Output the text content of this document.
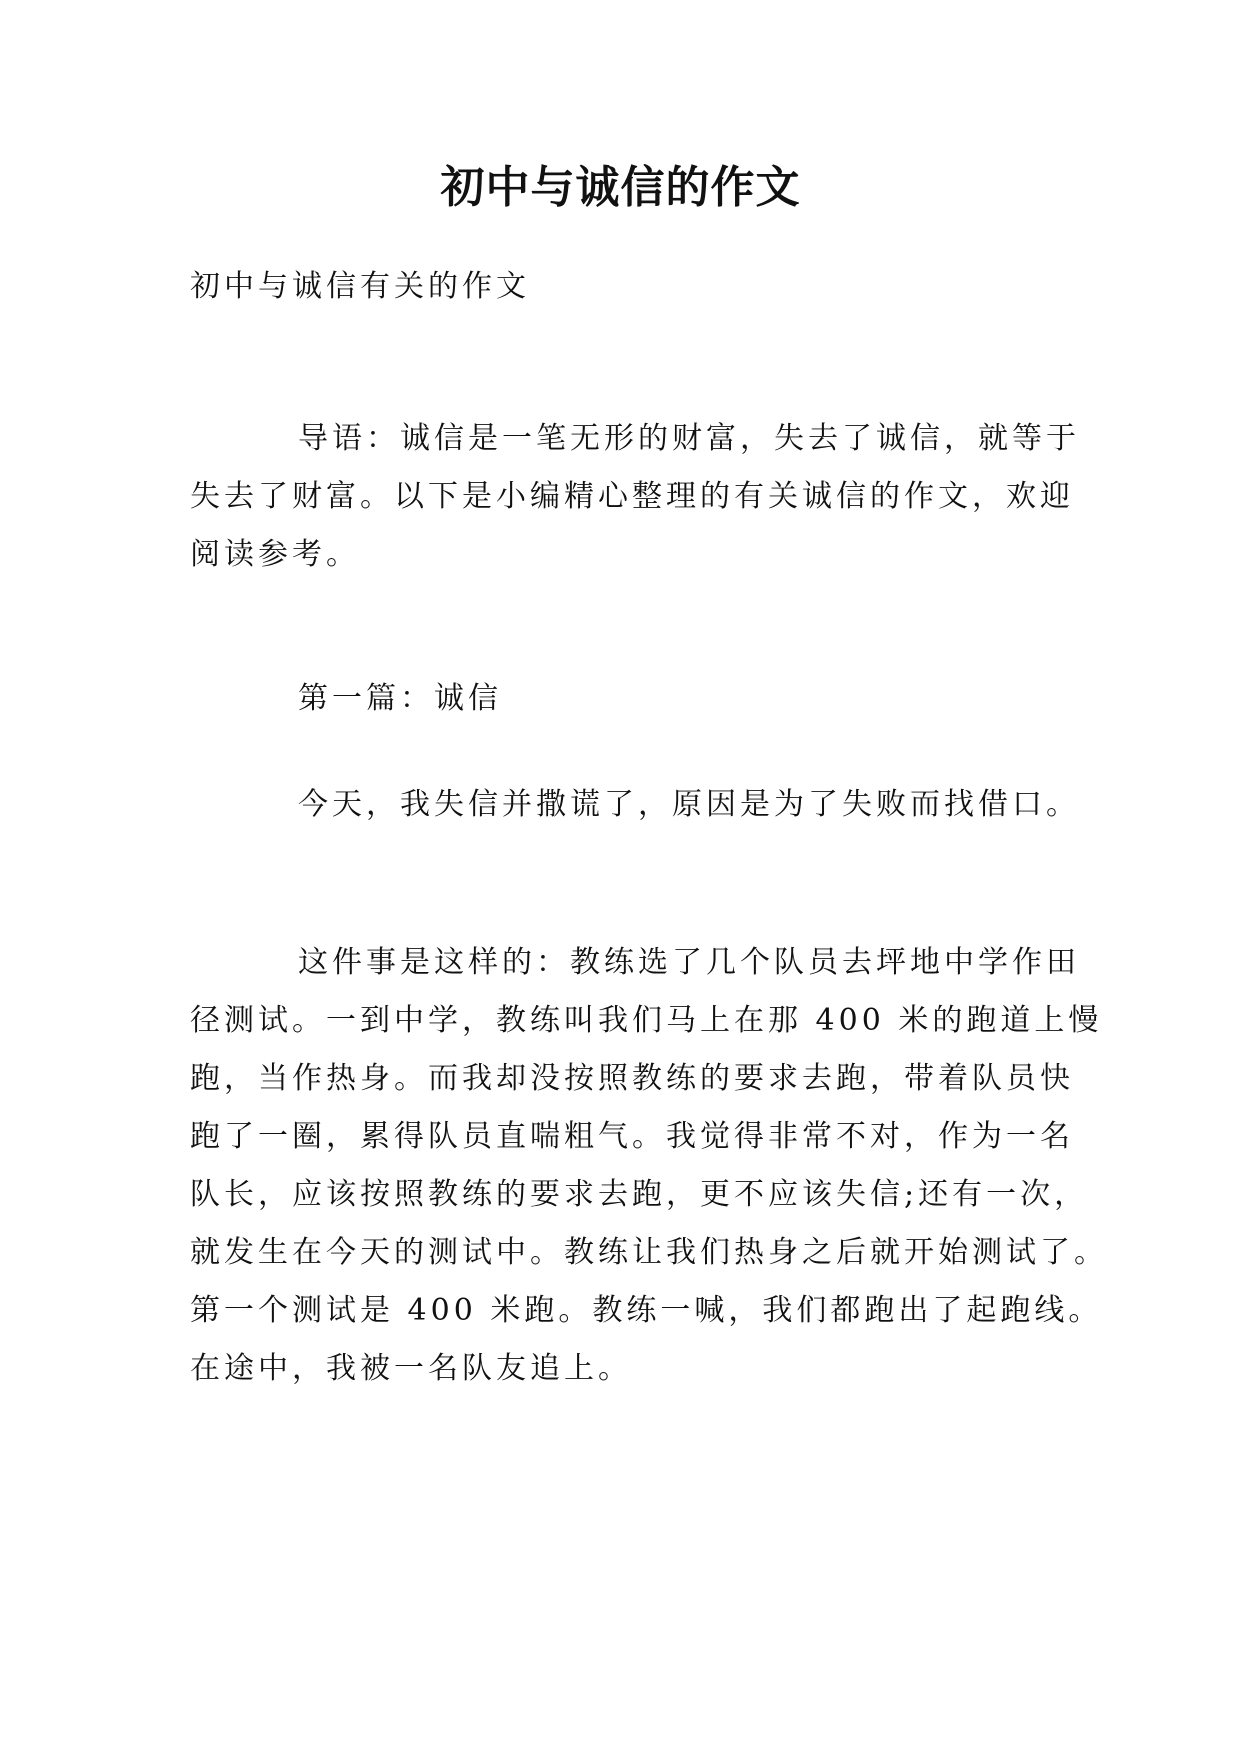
初中与诚信的作文

初中与诚信有关的作文

导语：诚信是一笔无形的财富，失去了诚信，就等于
失去了财富。以下是小编精心整理的有关诚信的作文，欢迎
阅读参考。

第一篇：诚信

今天，我失信并撒谎了，原因是为了失败而找借口。

这件事是这样的：教练选了几个队员去坪地中学作田
径测试。一到中学，教练叫我们马上在那 400 米的跑道上慢
跑，当作热身。而我却没按照教练的要求去跑，带着队员快
跑了一圈，累得队员直喘粗气。我觉得非常不对，作为一名
队长，应该按照教练的要求去跑，更不应该失信;还有一次，
就发生在今天的测试中。教练让我们热身之后就开始测试了。
第一个测试是 400 米跑。教练一喊，我们都跑出了起跑线。
在途中，我被一名队友追上。
